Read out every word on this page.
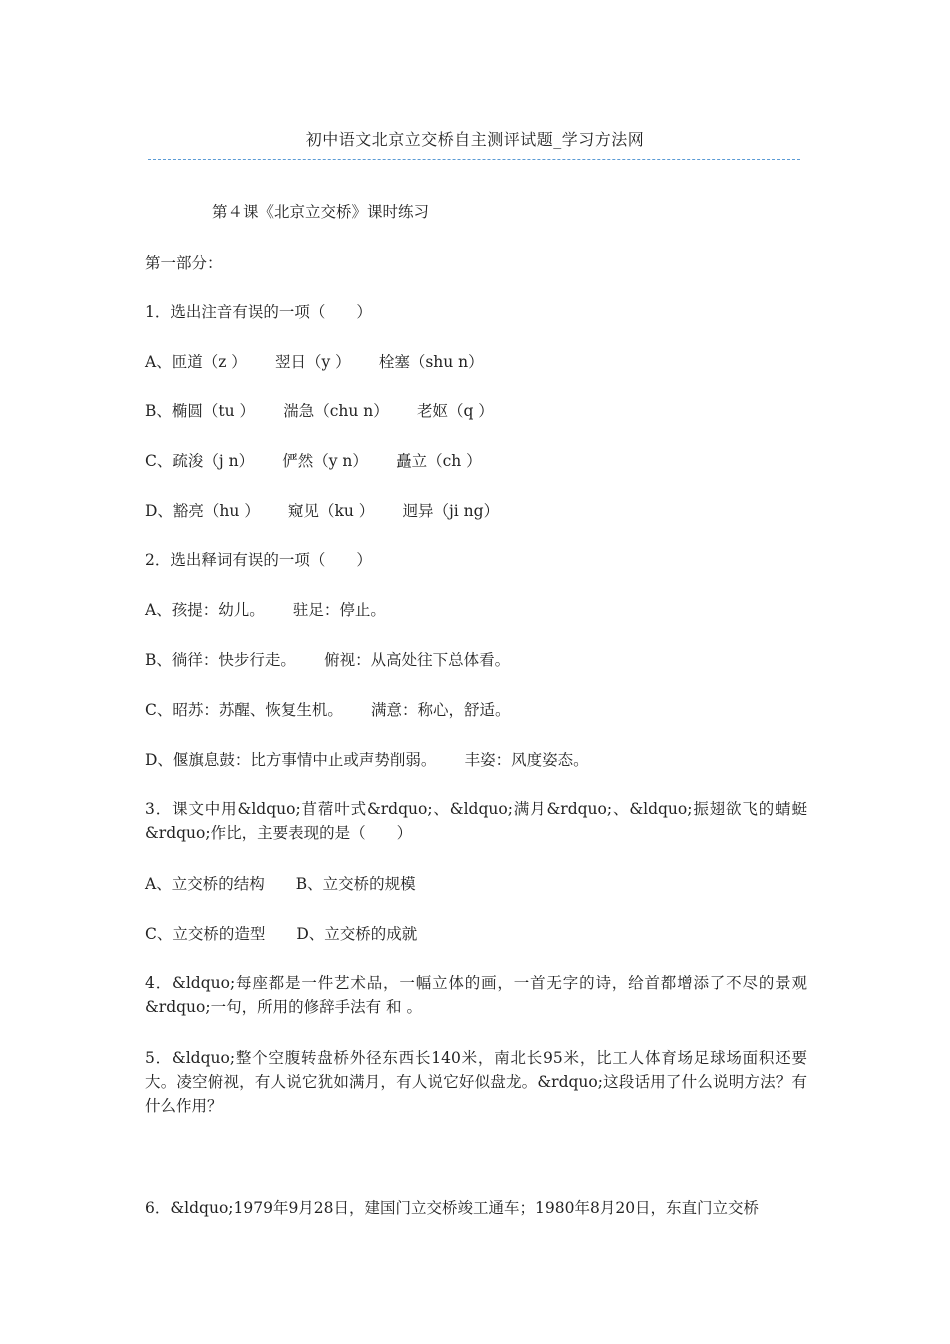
初中语文北京立交桥自主测评试题_学习方法网
第４课《北京立交桥》课时练习
第一部分：
1．选出注音有误的一项（　　）
A、匝道（z ）　　 翌日（y ）　　 栓塞（shu n）
B、椭圆（tu ）　　 湍急（chu n）　　 老妪（q ）
C、疏浚（j n）　　 俨然（y n）　　 矗立（ch ）
D、豁亮（hu ）　　 窥见（ku ）　　 迥异（ji ng）
2．选出释词有误的一项（　　）
A、孩提：幼儿。　　 驻足：停止。
B、徜徉：快步行走。　　 俯视：从高处往下总体看。
C、昭苏：苏醒、恢复生机。　　 满意：称心，舒适。
D、偃旗息鼓：比方事情中止或声势削弱。　　 丰姿：风度姿态。
3．课文中用&ldquo;苜蓿叶式&rdquo;、&ldquo;满月&rdquo;、&ldquo;振翅欲飞的蜻蜓&rdquo;作比，主要表现的是（　　）
A、立交桥的结构　　B、立交桥的规模
C、立交桥的造型　　D、立交桥的成就
4．&ldquo;每座都是一件艺术品，一幅立体的画，一首无字的诗，给首都增添了不尽的景观&rdquo;一句，所用的修辞手法有 和 。
5．&ldquo;整个空腹转盘桥外径东西长140米，南北长95米，比工人体育场足球场面积还要大。凌空俯视，有人说它犹如满月，有人说它好似盘龙。&rdquo;这段话用了什么说明方法？有什么作用？
6．&ldquo;1979年9月28日，建国门立交桥竣工通车；1980年8月20日，东直门立交桥
